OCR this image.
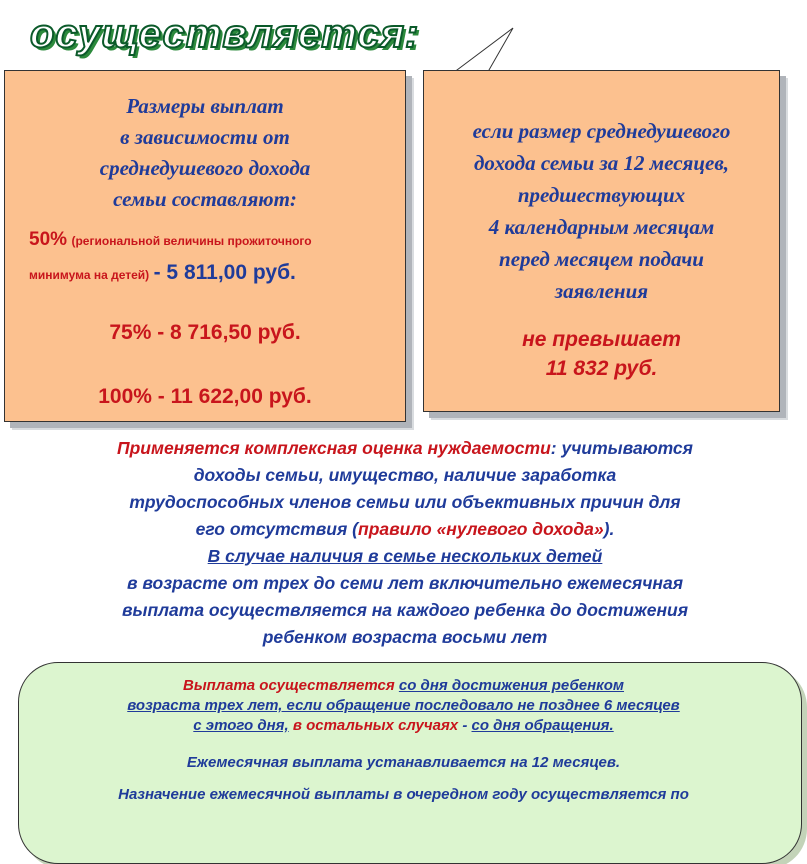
осуществляется:
Размеры выплат
в зависимости от
среднедушевого дохода
семьи составляют:
50% (региональной величины прожиточного
минимума на детей) - 5 811,00 руб.
75% - 8 716,50 руб.
100% - 11 622,00 руб.
если размер среднедушевого
дохода семьи за 12 месяцев,
предшествующих
4 календарным месяцам
перед месяцем подачи
заявления
не превышает
11 832 руб.
Применяется комплексная оценка нуждаемости: учитываются
доходы семьи, имущество, наличие заработка
трудоспособных членов семьи или объективных причин для
его отсутствия (правило «нулевого дохода»).
В случае наличия в семье нескольких детей
в возрасте от трех до семи лет включительно ежемесячная
выплата осуществляется на каждого ребенка до достижения
ребенком возраста восьми лет
Выплата осуществляется со дня достижения ребенком
возраста трех лет, если обращение последовало не позднее 6 месяцев
с этого дня, в остальных случаях - со дня обращения.
Ежемесячная выплата устанавливается на 12 месяцев.
Назначение ежемесячной выплаты в очередном году осуществляется по
